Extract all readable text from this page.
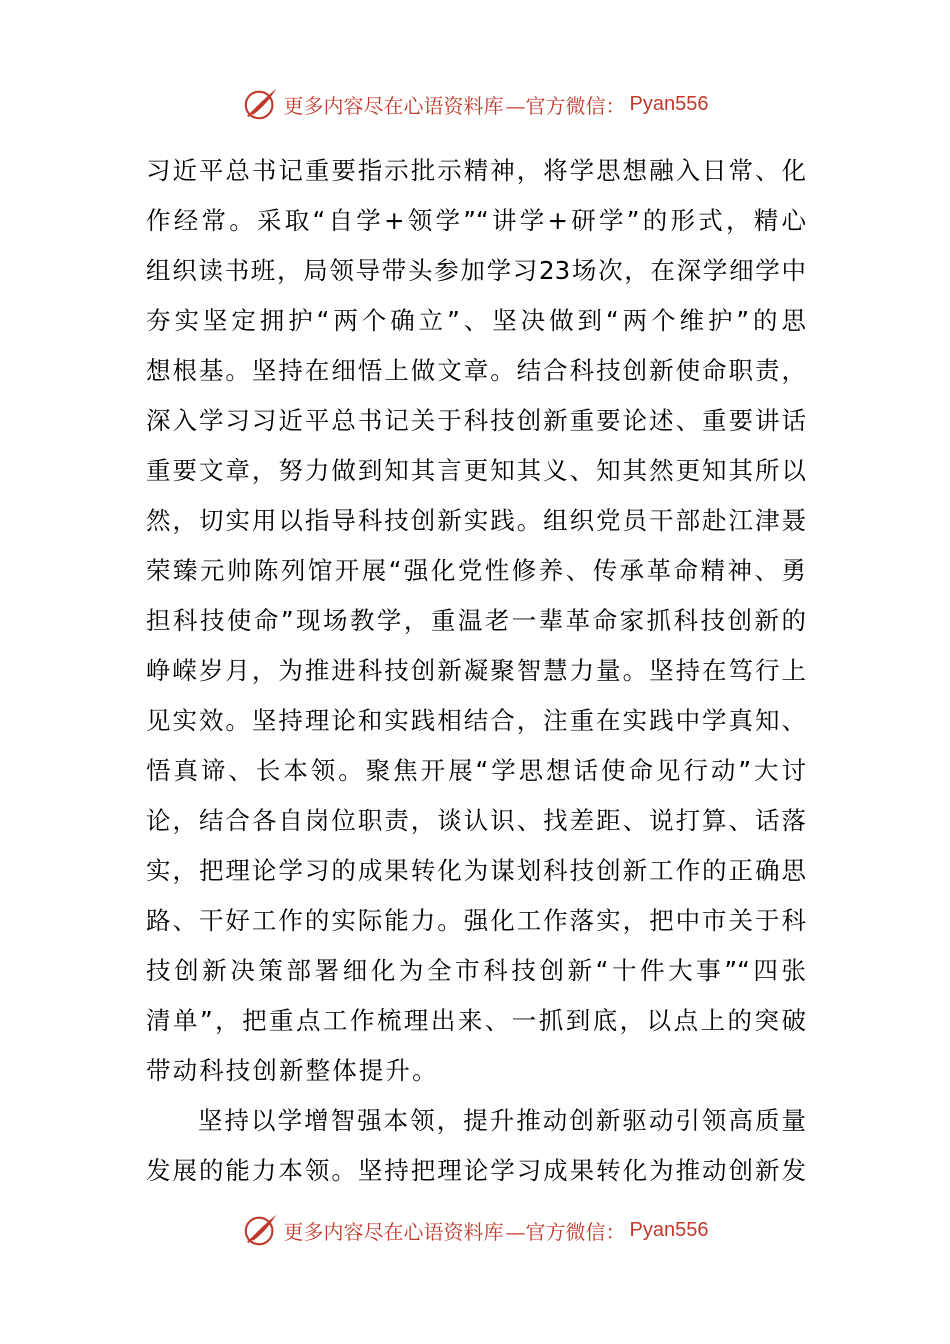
更多内容尽在心语资料库 —官方微信： Pyan556
习近平总书记重要指示批示精神，将学思想融入日常、化
作经常。采取“自学+领学”“讲学+研学”的形式，精心
组织读书班，局领导带头参加学习23场次，在深学细学中
夯实坚定拥护“两个确立”、坚决做到“两个维护”的思
想根基。坚持在细悟上做文章。结合科技创新使命职责，
深入学习习近平总书记关于科技创新重要论述、重要讲话
重要文章，努力做到知其言更知其义、知其然更知其所以
然，切实用以指导科技创新实践。组织党员干部赴江津聂
荣臻元帅陈列馆开展“强化党性修养、传承革命精神、勇
担科技使命”现场教学，重温老一辈革命家抓科技创新的
峥嵘岁月，为推进科技创新凝聚智慧力量。坚持在笃行上
见实效。坚持理论和实践相结合，注重在实践中学真知、
悟真谛、长本领。聚焦开展“学思想话使命见行动”大讨
论，结合各自岗位职责，谈认识、找差距、说打算、话落
实，把理论学习的成果转化为谋划科技创新工作的正确思
路、干好工作的实际能力。强化工作落实，把中市关于科
技创新决策部署细化为全市科技创新“十件大事”“四张
清单”，把重点工作梳理出来、一抓到底，以点上的突破
带动科技创新整体提升。
坚持以学增智强本领，提升推动创新驱动引领高质量
发展的能力本领。坚持把理论学习成果转化为推动创新发
更多内容尽在心语资料库 —官方微信： Pyan556
